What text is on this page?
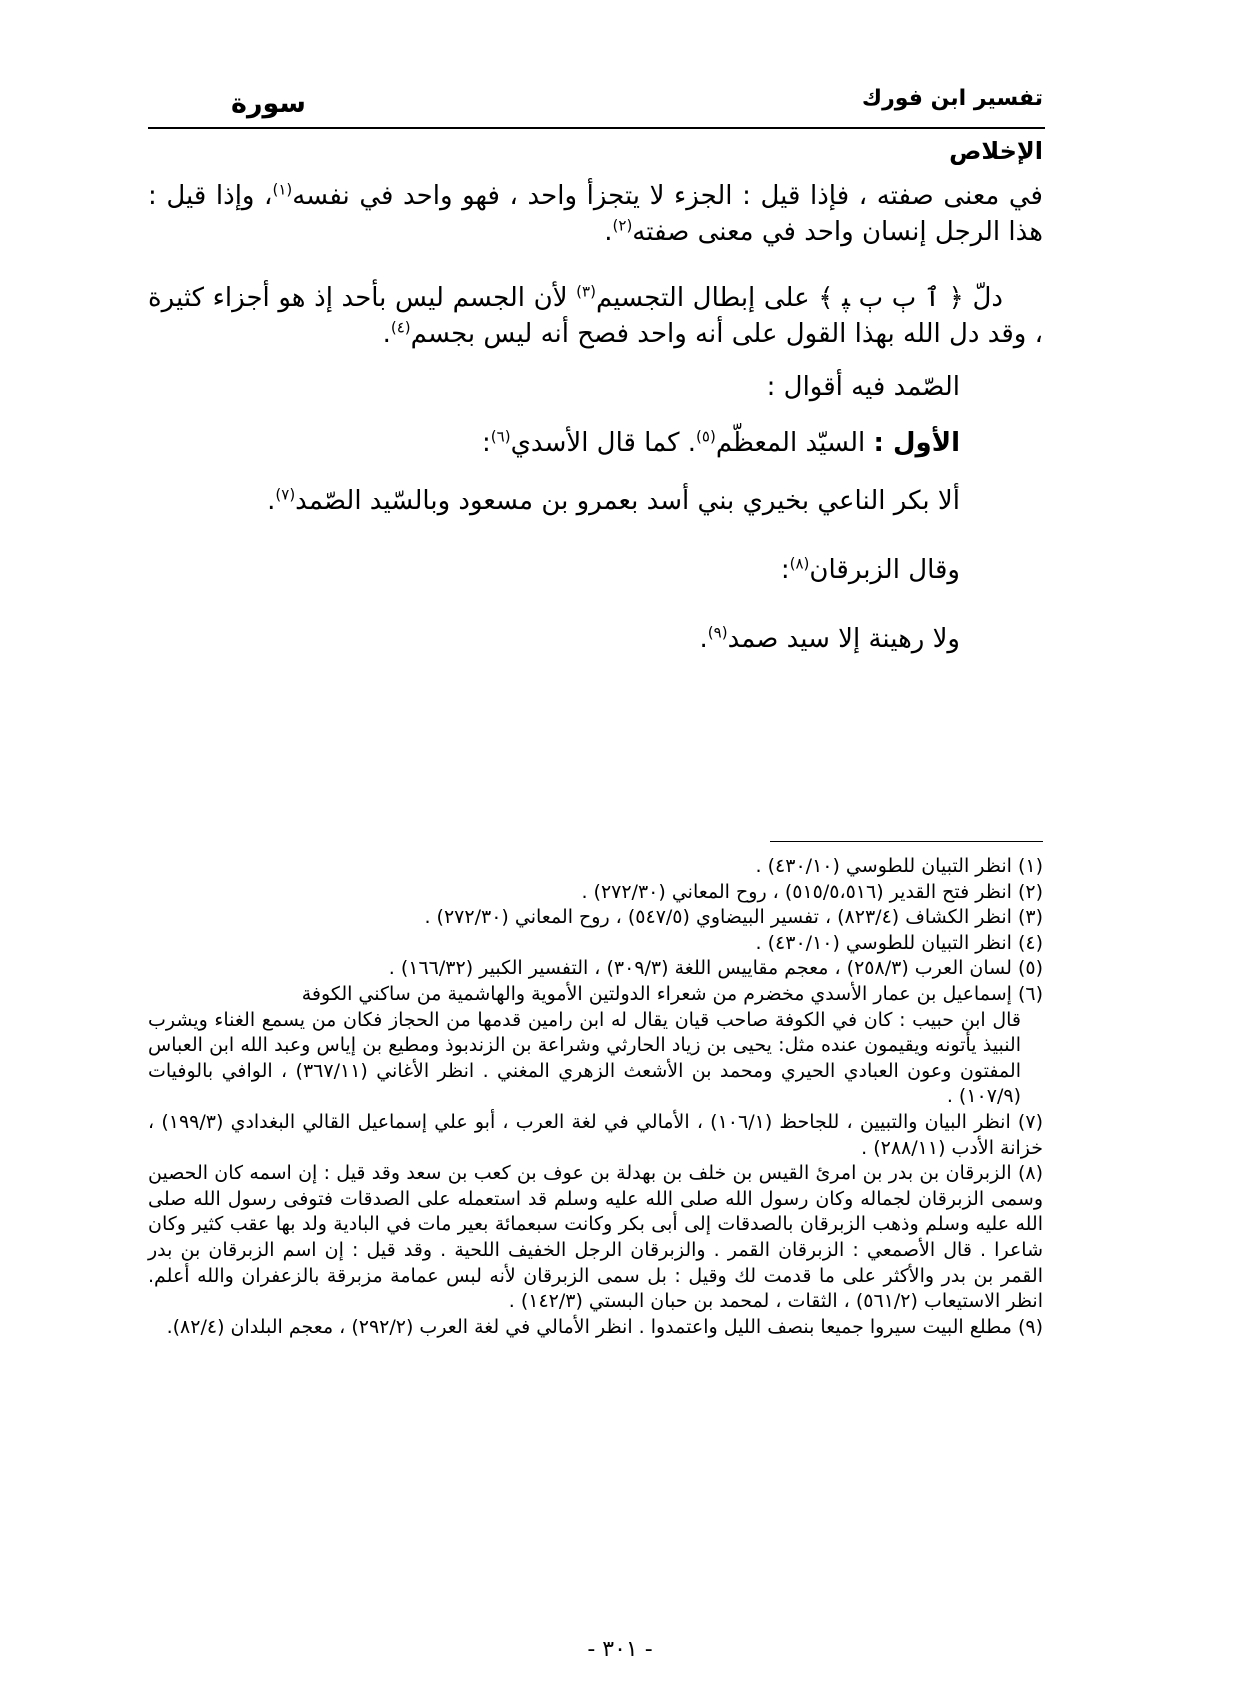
تفسير ابن فورك
سورة
الإخلاص
في معنى صفته ، فإذا قيل : الجزء لا يتجزأ واحد ، فهو واحد في نفسه$^{(١)}$، وإذا قيل : هذا الرجل إنسان واحد في معنى صفته$^{(٢)}$.
دلّ ﴿ ٱ ٻ ٻ ﭙ ﴾ على إبطال التجسيم$^{(٣)}$ لأن الجسم ليس بأحد إذ هو أجزاء كثيرة ، وقد دل الله بهذا القول على أنه واحد فصح أنه ليس بجسم$^{(٤)}$.
الصّمد فيه أقوال :
الأول : السيّد المعظّم$^{(٥)}$. كما قال الأسدي$^{(٦)}$:
ألا بكر الناعي بخيري بني أسد بعمرو بن مسعود وبالسّيد الصّمد$^{(٧)}$.
وقال الزبرقان$^{(٨)}$:
ولا رهينة إلا سيد صمد$^{(٩)}$.
(١) انظر التبيان للطوسي (٤٣٠/١٠) .
(٢) انظر فتح القدير (٥١٥/٥،٥١٦) ، روح المعاني (٢٧٢/٣٠) .
(٣) انظر الكشاف (٨٢٣/٤) ، تفسير البيضاوي (٥٤٧/٥) ، روح المعاني (٢٧٢/٣٠) .
(٤) انظر التبيان للطوسي (٤٣٠/١٠) .
(٥) لسان العرب (٢٥٨/٣) ، معجم مقاييس اللغة (٣٠٩/٣) ، التفسير الكبير (١٦٦/٣٢) .
(٦) إسماعيل بن عمار الأسدي مخضرم من شعراء الدولتين الأموية والهاشمية من ساكني الكوفة
قال ابن حبيب : كان في الكوفة صاحب قيان يقال له ابن رامين قدمها من الحجاز فكان من يسمع الغناء ويشرب النبيذ يأتونه ويقيمون عنده مثل: يحيى بن زياد الحارثي وشراعة بن الزندبوذ ومطيع بن إياس وعبد الله ابن العباس المفتون وعون العبادي الحيري ومحمد بن الأشعث الزهري المغني . انظر الأغاني (٣٦٧/١١) ، الوافي بالوفيات (١٠٧/٩) .
(٧) انظر البيان والتبيين ، للجاحظ (١٠٦/١) ، الأمالي في لغة العرب ، أبو علي إسماعيل القالي البغدادي (١٩٩/٣) ، خزانة الأدب (٢٨٨/١١) .
(٨) الزبرقان بن بدر بن امرئ القيس بن خلف بن بهدلة بن عوف بن كعب بن سعد وقد قيل : إن اسمه كان الحصين وسمى الزبرقان لجماله وكان رسول الله صلى الله عليه وسلم قد استعمله على الصدقات فتوفى رسول الله صلى الله عليه وسلم وذهب الزبرقان بالصدقات إلى أبى بكر وكانت سبعمائة بعير مات في البادية ولد بها عقب كثير وكان شاعرا . قال الأصمعي : الزبرقان القمر . والزبرقان الرجل الخفيف اللحية . وقد قيل : إن اسم الزبرقان بن بدر القمر بن بدر والأكثر على ما قدمت لك وقيل : بل سمى الزبرقان لأنه لبس عمامة مزبرقة بالزعفران والله أعلم. انظر الاستيعاب (٥٦١/٢) ، الثقات ، لمحمد بن حبان البستي (١٤٢/٣) .
(٩) مطلع البيت سيروا جميعا بنصف الليل واعتمدوا . انظر الأمالي في لغة العرب (٢٩٢/٢) ، معجم البلدان (٨٢/٤).
- ٣٠١ -
